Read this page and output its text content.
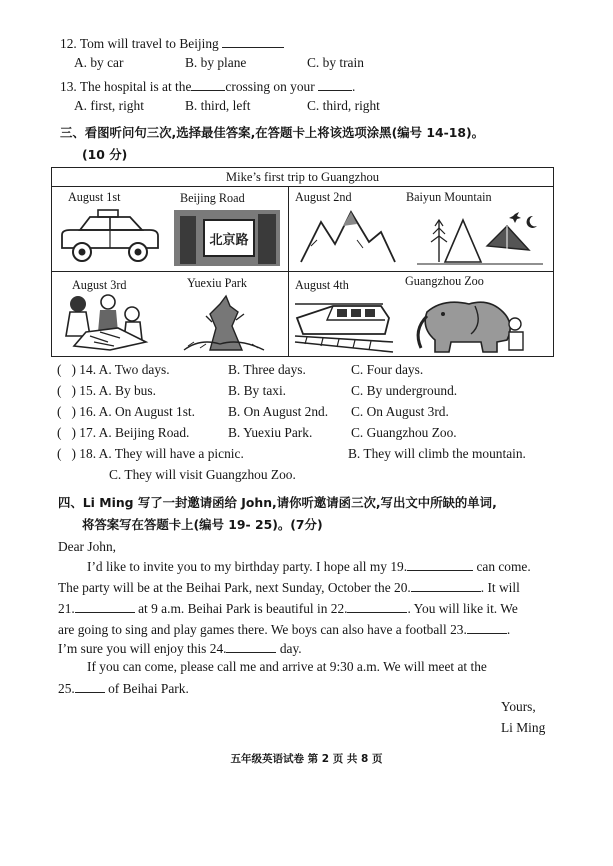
12. Tom will travel to Beijing
A. by car	B. by plane	C. by train
13. The hospital is at the	crossing on your	.
A. first, right	B. third, left	C. third, right
三、看图听问句三次,选择最佳答案,在答题卡上将该选项涂黑(编号 14-18)。
(10 分)
Mike’s first trip to Guangzhou
August 1st	Beijing Road
北京路
August 2nd	Baiyun Mountain
August 3rd	Yuexiu Park	August 4th	Guangzhou Zoo
( ) 14. A. Two days.	B. Three days.	C. Four days.
( ) 15. A. By bus.	B. By taxi.	C. By underground.
( ) 16. A. On August 1st. B. On August 2nd. C. On August 3rd.
( ) 17. A. Beijing Road.	B. Yuexiu Park.	C. Guangzhou Zoo.
( ) 18. A. They will have a picnic.	B. They will climb the mountain.
C. They will visit Guangzhou Zoo.
四、Li Ming 写了一封邀请函给 John,请你听邀请函三次,写出文中所缺的单词,
将答案写在答题卡上(编号 19- 25)。(7分)
Dear John,
I’d like to invite you to my birthday party. I hope all my 19.	can come.
The party will be at the Beihai Park, next Sunday, October the 20.	. It will
21.	at 9 a.m. Beihai Park is beautiful in 22.	. You will like it. We
are going to sing and play games there. We boys can also have a football 23.	.
I’m sure you will enjoy this 24.	day.
If you can come, please call me and arrive at 9:30 a.m. We will meet at the
25. of Beihai Park.
Yours,
Li Ming
五年级英语试卷 第 2 页 共 8 页
